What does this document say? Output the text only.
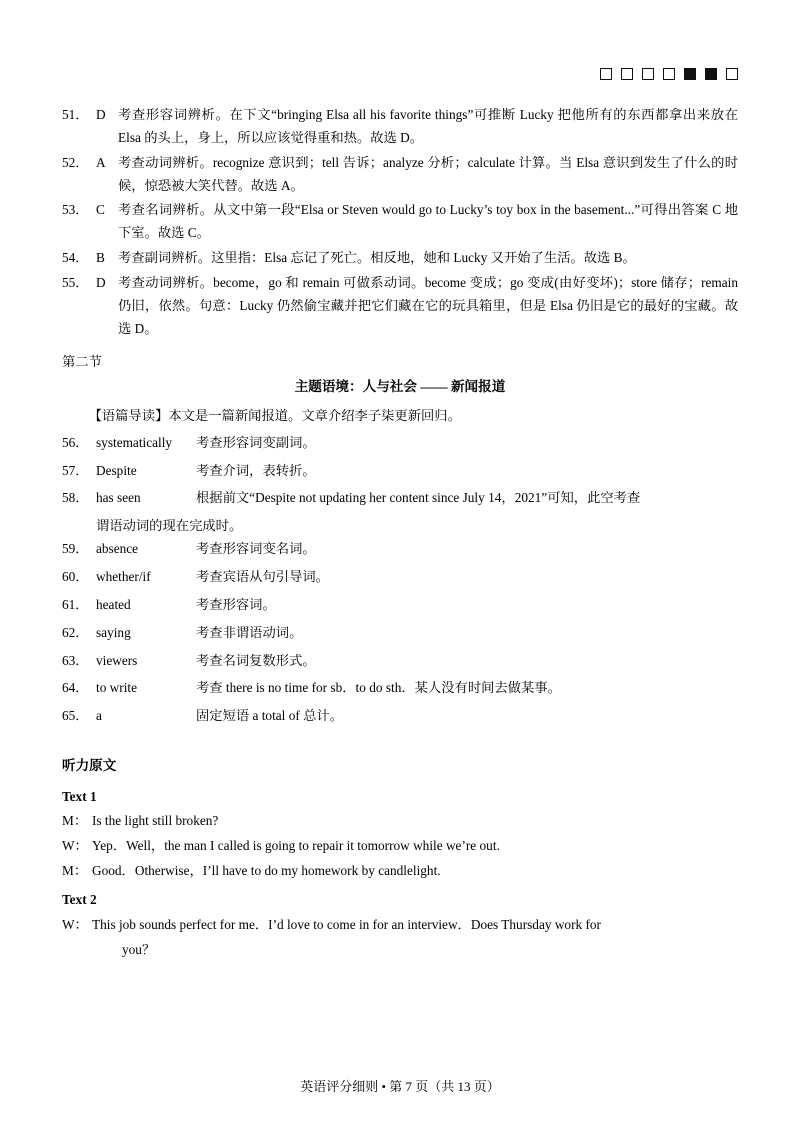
51． D 考查形容词辨析。在下文“bringing Elsa all his favorite things”可推断 Lucky 把他所有的东西都拿出来放在 Elsa 的头上，身上，所以应该觉得重和热。故选 D。
52． A 考查动词辨析。recognize 意识到；tell 告诉；analyze 分析；calculate 计算。当 Elsa 意识到发生了什么的时候，惊恐被大笑代替。故选 A。
53． C 考查名词辨析。从文中第一段“Elsa or Steven would go to Lucky’s toy box in the basement...”可得出答案 C 地下室。故选 C。
54． B 考查副词辨析。这里指：Elsa 忘记了死亡。相反地，她和 Lucky 又开始了生活。故选 B。
55． D 考查动词辨析。become，go 和 remain 可做系动词。become 变成；go 变成(由好变坏)；store 储存；remain 仍旧，依然。句意：Lucky 仍然偷宝藏并把它们藏在它的玩具箱里，但是 Elsa 仍旧是它的最好的宝藏。故选 D。
第二节
主题语境：人与社会 —— 新闻报道
【语篇导读】本文是一篇新闻报道。文章介绍李子柒更新回归。
56． systematically	考查形容词变副词。
57． Despite	考查介词，表转折。
58． has seen	根据前文“Despite not updating her content since July 14，2021”可知，此空考查
谓语动词的现在完成时。
59． absence	考查形容词变名词。
60． whether/if	考查宾语从句引导词。
61． heated	考查形容词。
62． saying	考查非谓语动词。
63． viewers	考查名词复数形式。
64． to write	考查 there is no time for sb．to do sth．某人没有时间去做某事。
65． a	固定短语 a total of 总计。
听力原文
Text 1
M： Is the light still broken?
W： Yep．Well，the man I called is going to repair it tomorrow while we’re out.
M： Good．Otherwise，I’ll have to do my homework by candlelight.
Text 2
W： This job sounds perfect for me．I’d love to come in for an interview．Does Thursday work for
you？
英语评分细则 • 第 7 页（共 13 页）
